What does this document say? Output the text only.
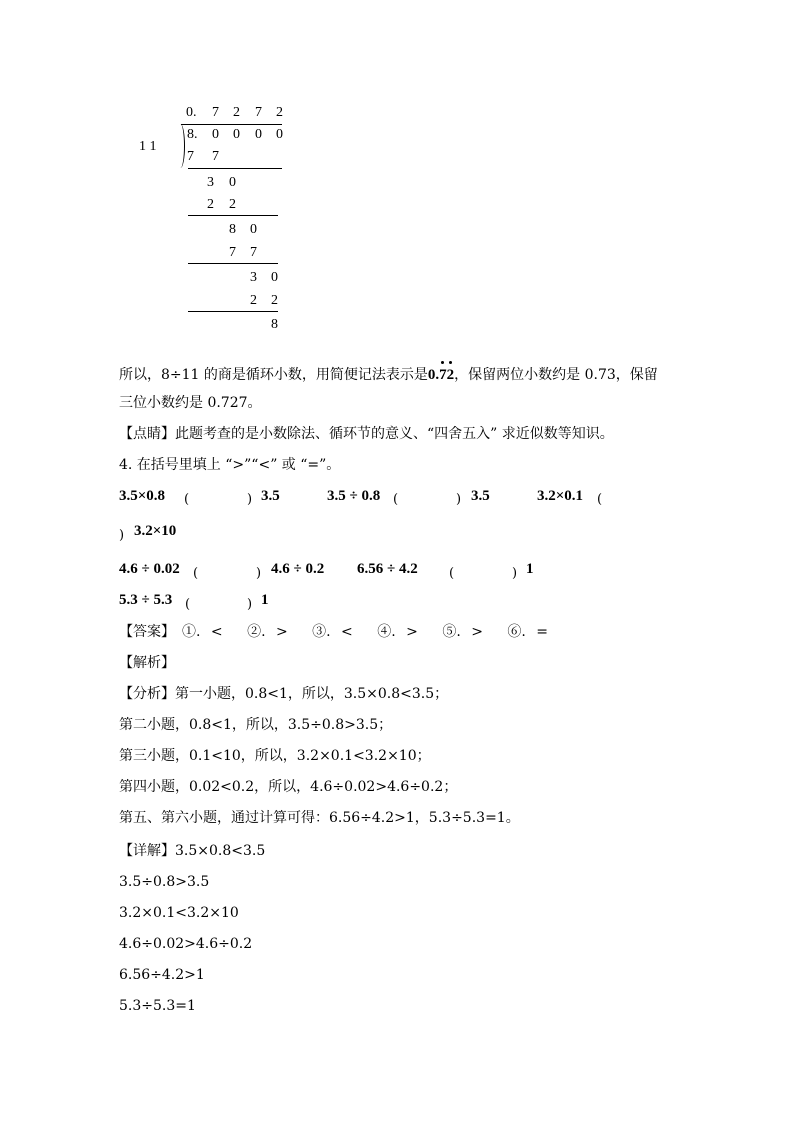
1 1
0. 7 2 7 2
8. 0 0 0 0
7 7
3 0
2 2
8 0
7 7
3 0
2 2
8
所以，8÷11 的商是循环小数，用简便记法表示是0.
7
2，保留两位小数约是 0.73，保留
三位小数约是 0.727。
【点睛】此题考查的是小数除法、循环节的意义、“四舍五入” 求近似数等知识。
4. 在括号里填上 “>”“<” 或 “=”。
3.5×0.8 (	) 3.5	3.5 ÷ 0.8 (	) 3.5	3.2×0.1 (
) 3.2×10
4.6 ÷ 0.02 (	) 4.6 ÷ 0.2 6.56 ÷ 4.2 (	) 1
5.3 ÷ 5.3 (	) 1
【答案】　①. <　 ②. >　 ③. <　 ④. >　 ⑤. >　 ⑥. =
【解析】
【分析】第一小题，0.8<1，所以，3.5×0.8<3.5；
第二小题，0.8<1，所以，3.5÷0.8>3.5；
第三小题，0.1<10，所以，3.2×0.1<3.2×10；
第四小题，0.02<0.2，所以，4.6÷0.02>4.6÷0.2；
第五、第六小题，通过计算可得：6.56÷4.2>1，5.3÷5.3=1。
【详解】3.5×0.8<3.5
3.5÷0.8>3.5
3.2×0.1<3.2×10
4.6÷0.02>4.6÷0.2
6.56÷4.2>1
5.3÷5.3=1
